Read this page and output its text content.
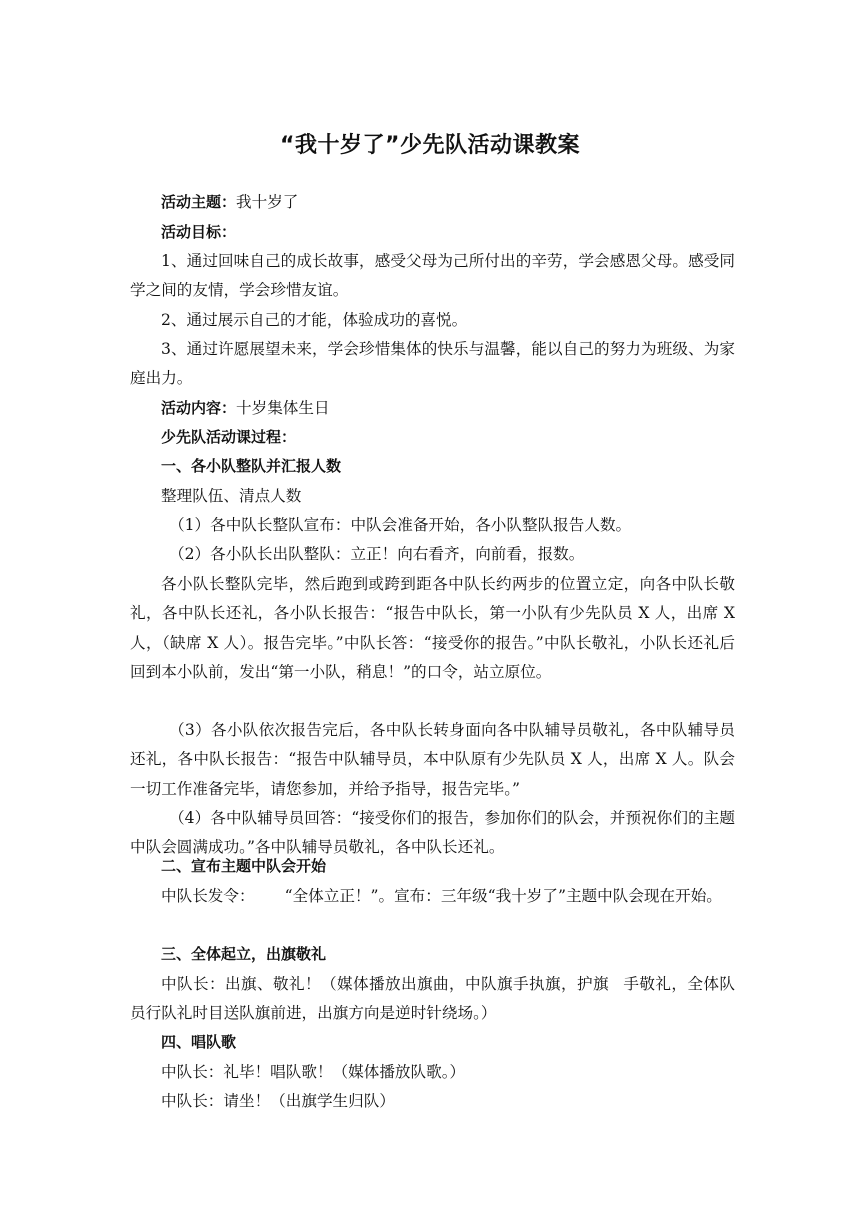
“我十岁了”少先队活动课教案

活动主题：我十岁了

活动目标：

1、通过回味自己的成长故事，感受父母为己所付出的辛劳，学会感恩父母。感受同学之间的友情，学会珍惜友谊。

2、通过展示自己的才能，体验成功的喜悦。

3、通过许愿展望未来，学会珍惜集体的快乐与温馨，能以自己的努力为班级、为家庭出力。

活动内容：十岁集体生日

少先队活动课过程：

一、各小队整队并汇报人数

整理队伍、清点人数

（1）各中队长整队宣布：中队会准备开始，各小队整队报告人数。

（2）各小队长出队整队：立正！向右看齐，向前看，报数。

各小队长整队完毕，然后跑到或跨到距各中队长约两步的位置立定，向各中队长敬礼，各中队长还礼，各小队长报告：“报告中队长，第一小队有少先队员 X 人，出席 X 人，（缺席 X 人）。报告完毕。”中队长答：“接受你的报告。”中队长敬礼，小队长还礼后回到本小队前，发出“第一小队，稍息！”的口令，站立原位。

（3）各小队依次报告完后，各中队长转身面向各中队辅导员敬礼，各中队辅导员还礼，各中队长报告：“报告中队辅导员，本中队原有少先队员 X 人，出席 X 人。队会一切工作准备完毕，请您参加，并给予指导，报告完毕。”

（4）各中队辅导员回答：“接受你们的报告，参加你们的队会，并预祝你们的主题中队会圆满成功。”各中队辅导员敬礼，各中队长还礼。

二、宣布主题中队会开始

中队长发令： “全体立正！”。宣布：三年级“我十岁了”主题中队会现在开始。

三、全体起立，出旗敬礼

中队长：出旗、敬礼！（媒体播放出旗曲，中队旗手执旗，护旗 手敬礼，全体队员行队礼时目送队旗前进，出旗方向是逆时针绕场。）

四、唱队歌

中队长：礼毕！唱队歌！（媒体播放队歌。）

中队长：请坐！（出旗学生归队）
